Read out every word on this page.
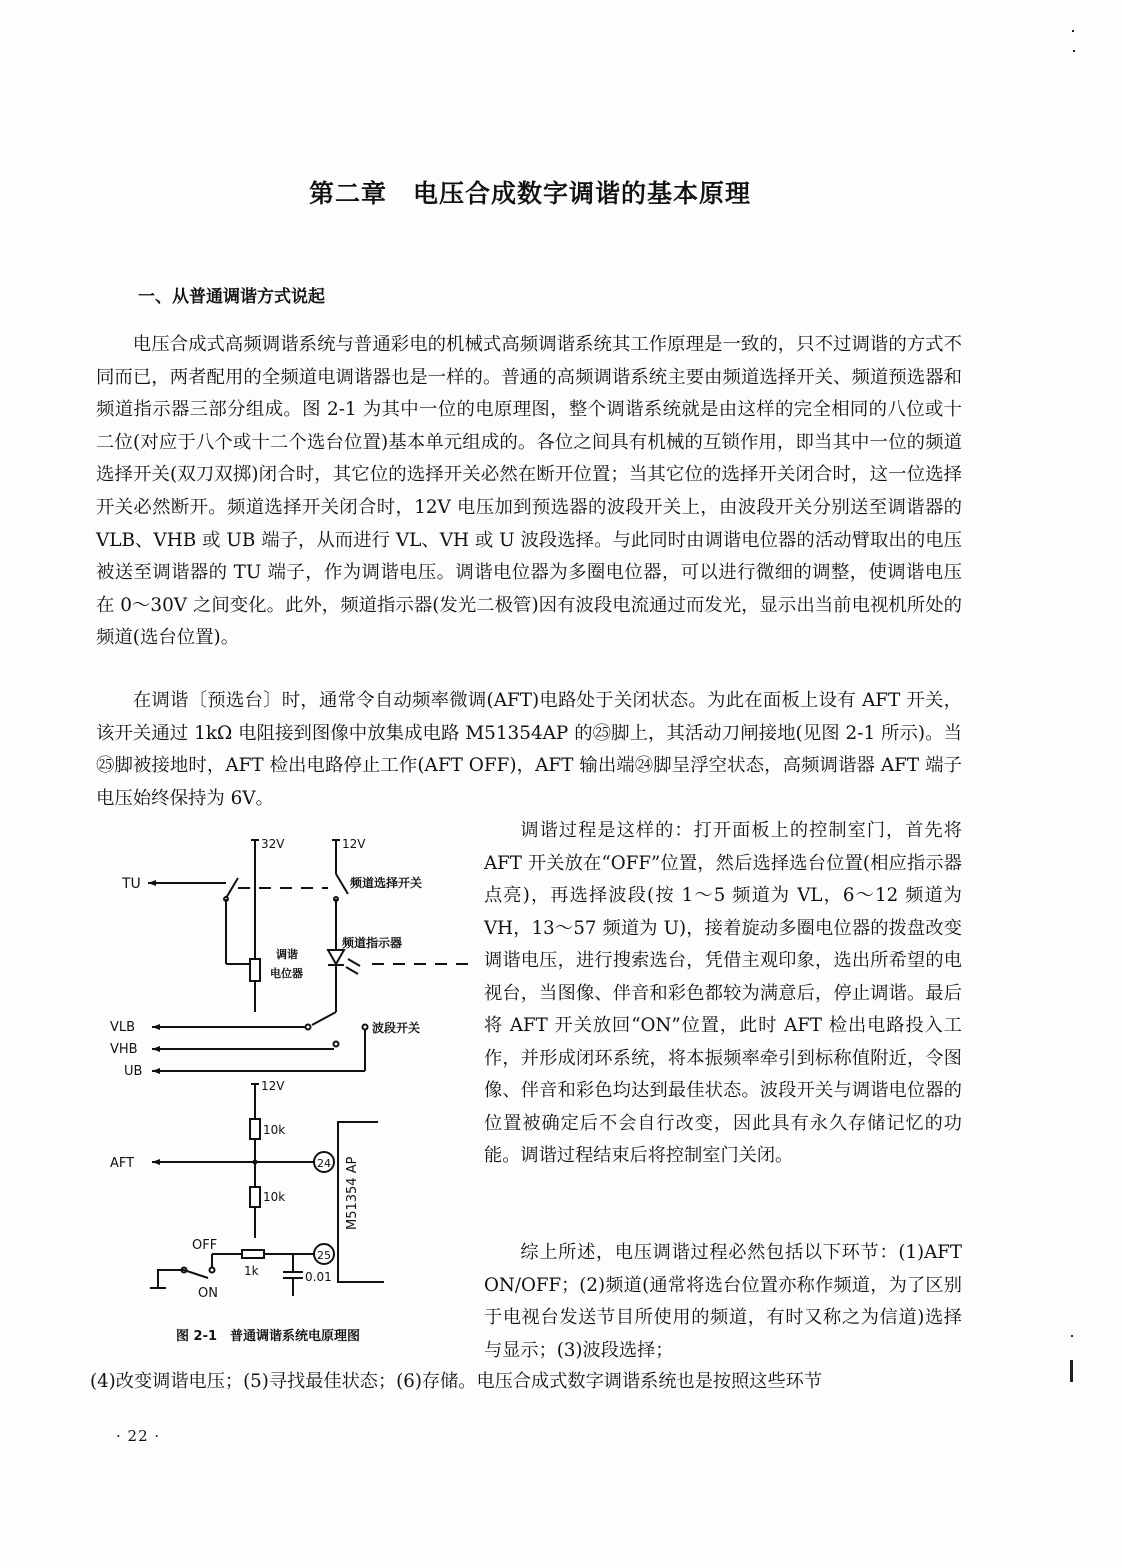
第二章　电压合成数字调谐的基本原理
一、从普通调谐方式说起

电压合成式高频调谐系统与普通彩电的机械式高频调谐系统其工作原理是一致的，只不过调谐的方式不同而已，两者配用的全频道电调谐器也是一样的。普通的高频调谐系统主要由频道选择开关、频道预选器和频道指示器三部分组成。图 2-1 为其中一位的电原理图，整个调谐系统就是由这样的完全相同的八位或十二位(对应于八个或十二个选台位置)基本单元组成的。各位之间具有机械的互锁作用，即当其中一位的频道选择开关(双刀双掷)闭合时，其它位的选择开关必然在断开位置；当其它位的选择开关闭合时，这一位选择开关必然断开。频道选择开关闭合时，12V 电压加到预选器的波段开关上，由波段开关分别送至调谐器的 VLB、VHB 或 UB 端子，从而进行 VL、VH 或 U 波段选择。与此同时由调谐电位器的活动臂取出的电压被送至调谐器的 TU 端子，作为调谐电压。调谐电位器为多圈电位器，可以进行微细的调整，使调谐电压在 0～30V 之间变化。此外，频道指示器(发光二极管)因有波段电流通过而发光，显示出当前电视机所处的频道(选台位置)。

在调谐〔预选台〕时，通常令自动频率微调(AFT)电路处于关闭状态。为此在面板上设有 AFT 开关，该开关通过 1kΩ 电阻接到图像中放集成电路 M51354AP 的㉕脚上，其活动刀闸接地(见图 2-1 所示)。当㉕脚被接地时，AFT 检出电路停止工作(AFT OFF)，AFT 输出端㉔脚呈浮空状态，高频调谐器 AFT 端子电压始终保持为 6V。

调谐过程是这样的：打开面板上的控制室门，首先将 AFT 开关放在“OFF”位置，然后选择选台位置(相应指示器点亮)，再选择波段(按 1～5 频道为 VL，6～12 频道为 VH，13～57 频道为 U)，接着旋动多圈电位器的拨盘改变调谐电压，进行搜索选台，凭借主观印象，选出所希望的电视台，当图像、伴音和彩色都较为满意后，停止调谐。最后将 AFT 开关放回“ON”位置，此时 AFT 检出电路投入工作，并形成闭环系统，将本振频率牵引到标称值附近，令图像、伴音和彩色均达到最佳状态。波段开关与调谐电位器的位置被确定后不会自行改变，因此具有永久存储记忆的功能。调谐过程结束后将控制室门关闭。

综上所述，电压调谐过程必然包括以下环节：(1)AFT ON/OFF；(2)频道(通常将选台位置亦称作频道，为了区别于电视台发送节目所使用的频道，有时又称之为信道)选择与显示；(3)波段选择；

(4)改变调谐电压；(5)寻找最佳状态；(6)存储。电压合成式数字调谐系统也是按照这些环节

32V	12V
TU	频道选择开关
调谐
电位器
频道指示器
波段开关
VLB
VHB
UB
12V
10k
10k
AFT	M51354 AP
24
25
OFF
1k	0.01
ON
图 2-1　普通调谐系统电原理图
· 22 ·
